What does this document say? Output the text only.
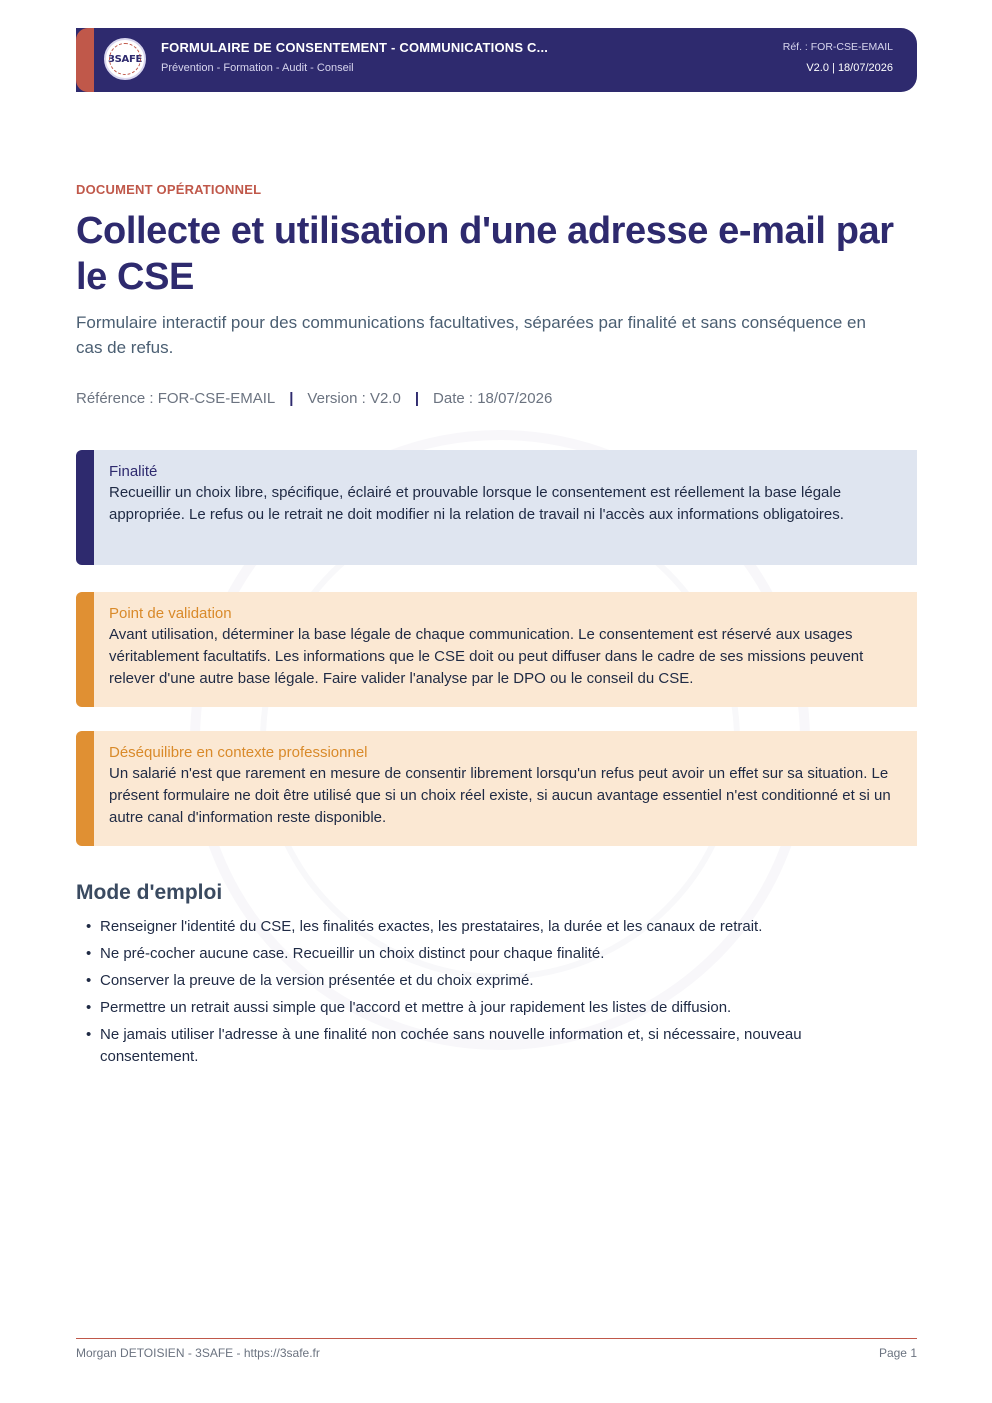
3SAFE
FORMULAIRE DE CONSENTEMENT - COMMUNICATIONS C...
Prévention - Formation - Audit - Conseil
Réf. : FOR-CSE-EMAIL
V2.0 | 18/07/2026
DOCUMENT OPÉRATIONNEL
Collecte et utilisation d'une adresse e-mail par le CSE

Formulaire interactif pour des communications facultatives, séparées par finalité et sans conséquence en cas de refus.

Référence : FOR-CSE-EMAIL | Version : V2.0 | Date : 18/07/2026
Finalité
Recueillir un choix libre, spécifique, éclairé et prouvable lorsque le consentement est réellement la base légale appropriée. Le refus ou le retrait ne doit modifier ni la relation de travail ni l'accès aux informations obligatoires.
Point de validation
Avant utilisation, déterminer la base légale de chaque communication. Le consentement est réservé aux usages véritablement facultatifs. Les informations que le CSE doit ou peut diffuser dans le cadre de ses missions peuvent relever d'une autre base légale. Faire valider l'analyse par le DPO ou le conseil du CSE.
Déséquilibre en contexte professionnel
Un salarié n'est que rarement en mesure de consentir librement lorsqu'un refus peut avoir un effet sur sa situation. Le présent formulaire ne doit être utilisé que si un choix réel existe, si aucun avantage essentiel n'est conditionné et si un autre canal d'information reste disponible.
Mode d'emploi
• Renseigner l'identité du CSE, les finalités exactes, les prestataires, la durée et les canaux de retrait.
• Ne pré-cocher aucune case. Recueillir un choix distinct pour chaque finalité.
• Conserver la preuve de la version présentée et du choix exprimé.
• Permettre un retrait aussi simple que l'accord et mettre à jour rapidement les listes de diffusion.
• Ne jamais utiliser l'adresse à une finalité non cochée sans nouvelle information et, si nécessaire, nouveau consentement.
Morgan DETOISIEN - 3SAFE - https://3safe.fr	Page 1
